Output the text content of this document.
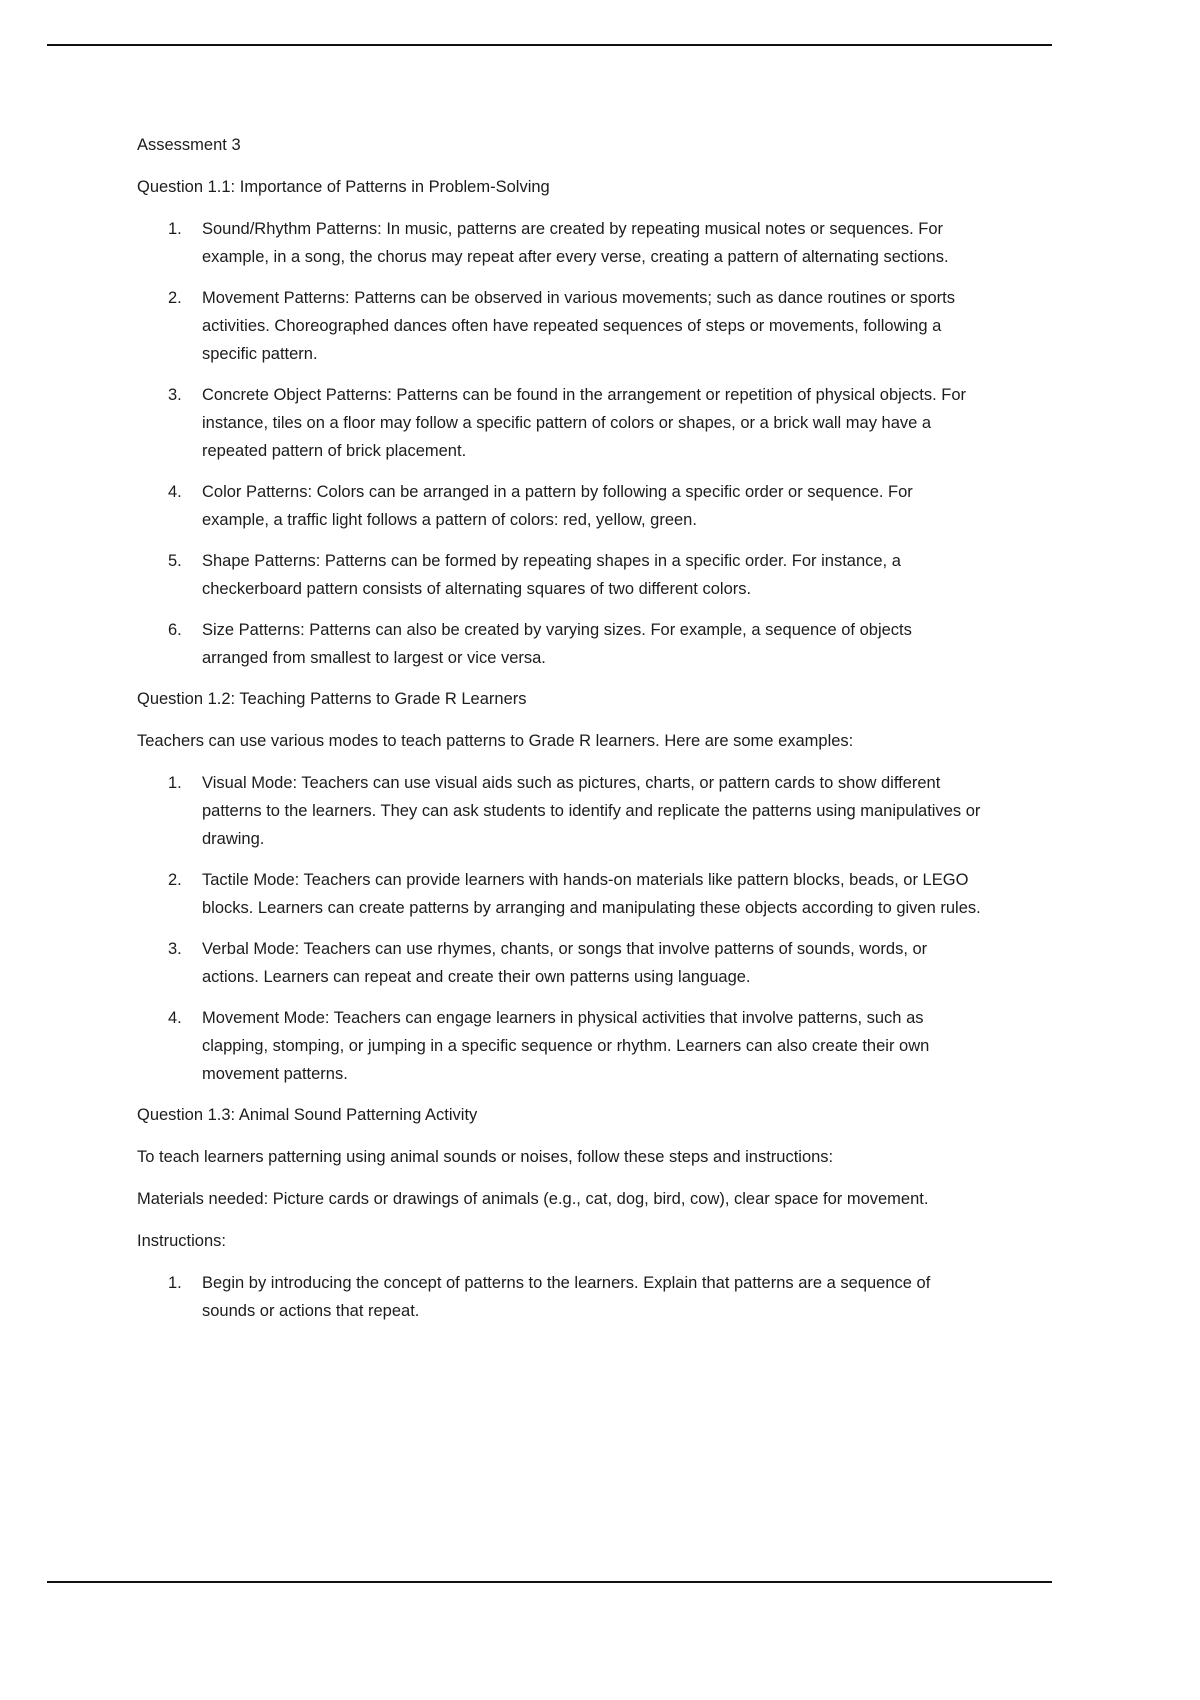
Assessment 3

Question 1.1: Importance of Patterns in Problem-Solving

1.	Sound/Rhythm Patterns: In music, patterns are created by repeating musical notes or sequences. For example, in a song, the chorus may repeat after every verse, creating a pattern of alternating sections.
2.	Movement Patterns: Patterns can be observed in various movements; such as dance routines or sports activities. Choreographed dances often have repeated sequences of steps or movements, following a specific pattern.
3.	Concrete Object Patterns: Patterns can be found in the arrangement or repetition of physical objects. For instance, tiles on a floor may follow a specific pattern of colors or shapes, or a brick wall may have a repeated pattern of brick placement.
4.	Color Patterns: Colors can be arranged in a pattern by following a specific order or sequence. For example, a traffic light follows a pattern of colors: red, yellow, green.
5.	Shape Patterns: Patterns can be formed by repeating shapes in a specific order. For instance, a checkerboard pattern consists of alternating squares of two different colors.
6.	Size Patterns: Patterns can also be created by varying sizes. For example, a sequence of objects arranged from smallest to largest or vice versa.

Question 1.2: Teaching Patterns to Grade R Learners

Teachers can use various modes to teach patterns to Grade R learners. Here are some examples:

1.	Visual Mode: Teachers can use visual aids such as pictures, charts, or pattern cards to show different patterns to the learners. They can ask students to identify and replicate the patterns using manipulatives or drawing.
2.	Tactile Mode: Teachers can provide learners with hands-on materials like pattern blocks, beads, or LEGO blocks. Learners can create patterns by arranging and manipulating these objects according to given rules.
3.	Verbal Mode: Teachers can use rhymes, chants, or songs that involve patterns of sounds, words, or actions. Learners can repeat and create their own patterns using language.
4.	Movement Mode: Teachers can engage learners in physical activities that involve patterns, such as clapping, stomping, or jumping in a specific sequence or rhythm. Learners can also create their own movement patterns.

Question 1.3: Animal Sound Patterning Activity

To teach learners patterning using animal sounds or noises, follow these steps and instructions:

Materials needed: Picture cards or drawings of animals (e.g., cat, dog, bird, cow), clear space for movement.

Instructions:

1.	Begin by introducing the concept of patterns to the learners. Explain that patterns are a sequence of sounds or actions that repeat.
